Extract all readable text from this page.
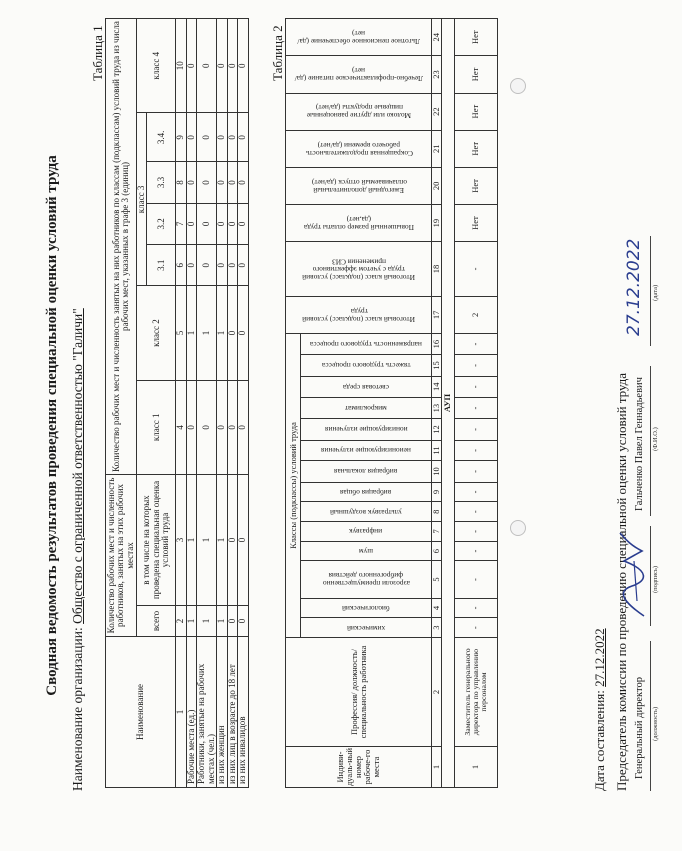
Сводная ведомость результатов проведения специальной оценки условий труда
Наименование организации: Общество с ограниченной ответственностью "Галичи"
Таблица 1
Наименование	Количество рабочих мест и численность работников, занятых на этих рабочих местах		Количество рабочих мест и численность занятых на них работников по классам (подклассам) условий труда из числа рабочих мест, указанных в графе 3 (единиц)						
	всего	в том числе на которых проведена специальная оценка условий труда	класс 1	класс 2	класс 3				класс 4
					3.1	3.2	3.3	3.4.	
1	2	3	4	5	6	7	8	9	10
Рабочие места (ед.)	1	1	0	1	0	0	0	0	0
Работники, занятые на рабочих местах (чел.)	1	1	0	1	0	0	0	0	0
из них женщин	1	1	0	1	0	0	0	0	0
из них лиц в возрасте до 18 лет	0	0	0	0	0	0	0	0	0
из них инвалидов	0	0	0	0	0	0	0	0	0 Таблица 2
Индиви-дуаль-ный номер рабоче-го места	Профессия/ должность/ специальность работника	Классы (подклассы) условий труда														Итоговый класс (подкласс) условий труда	Итоговый класс (подкласс) условий труда с учетом эффективного применения СИЗ	Повышенный размер оплаты труда (да,нет)	Ежегодный дополнительный оплачиваемый отпуск (да/нет)	Сокращенная продолжительность рабочего времени (да/нет)	Молоко или другие равноценные пищевые продукты (да/нет)	Лечебно-профилактическое питание (да/нет)	Льготное пенсионное обеспечение (да/нет)

		химический	биологический	аэрозоли преимущественно фиброгенного действия	шум	инфразвук	ультразвук воздушный	вибрация общая	вибрация локальная	неионизирующие излучения	ионизирующие излучения	микроклимат	световая среда	тяжесть трудового процесса	напряженность трудового процесса								

1	2	3	4	5	6	7	8	9	10	11	12	13	14	15	16	17	18	19	20	21	22	23	24
АУП																							
1	Заместитель генерального директора по управлению персоналом	-	-	-	-	-	-	-	-	-	-	-	-	-	-	2	-	Нет	Нет	Нет	Нет	Нет	Нет
Дата составления: 27.12.2022 Председатель комиссии по проведению специальной оценки условий труда Генеральный директор (должность)
(подпись)
Гальченко Павел Геннадьевич (Ф.И.О.)
27.12.2022 (дата)
